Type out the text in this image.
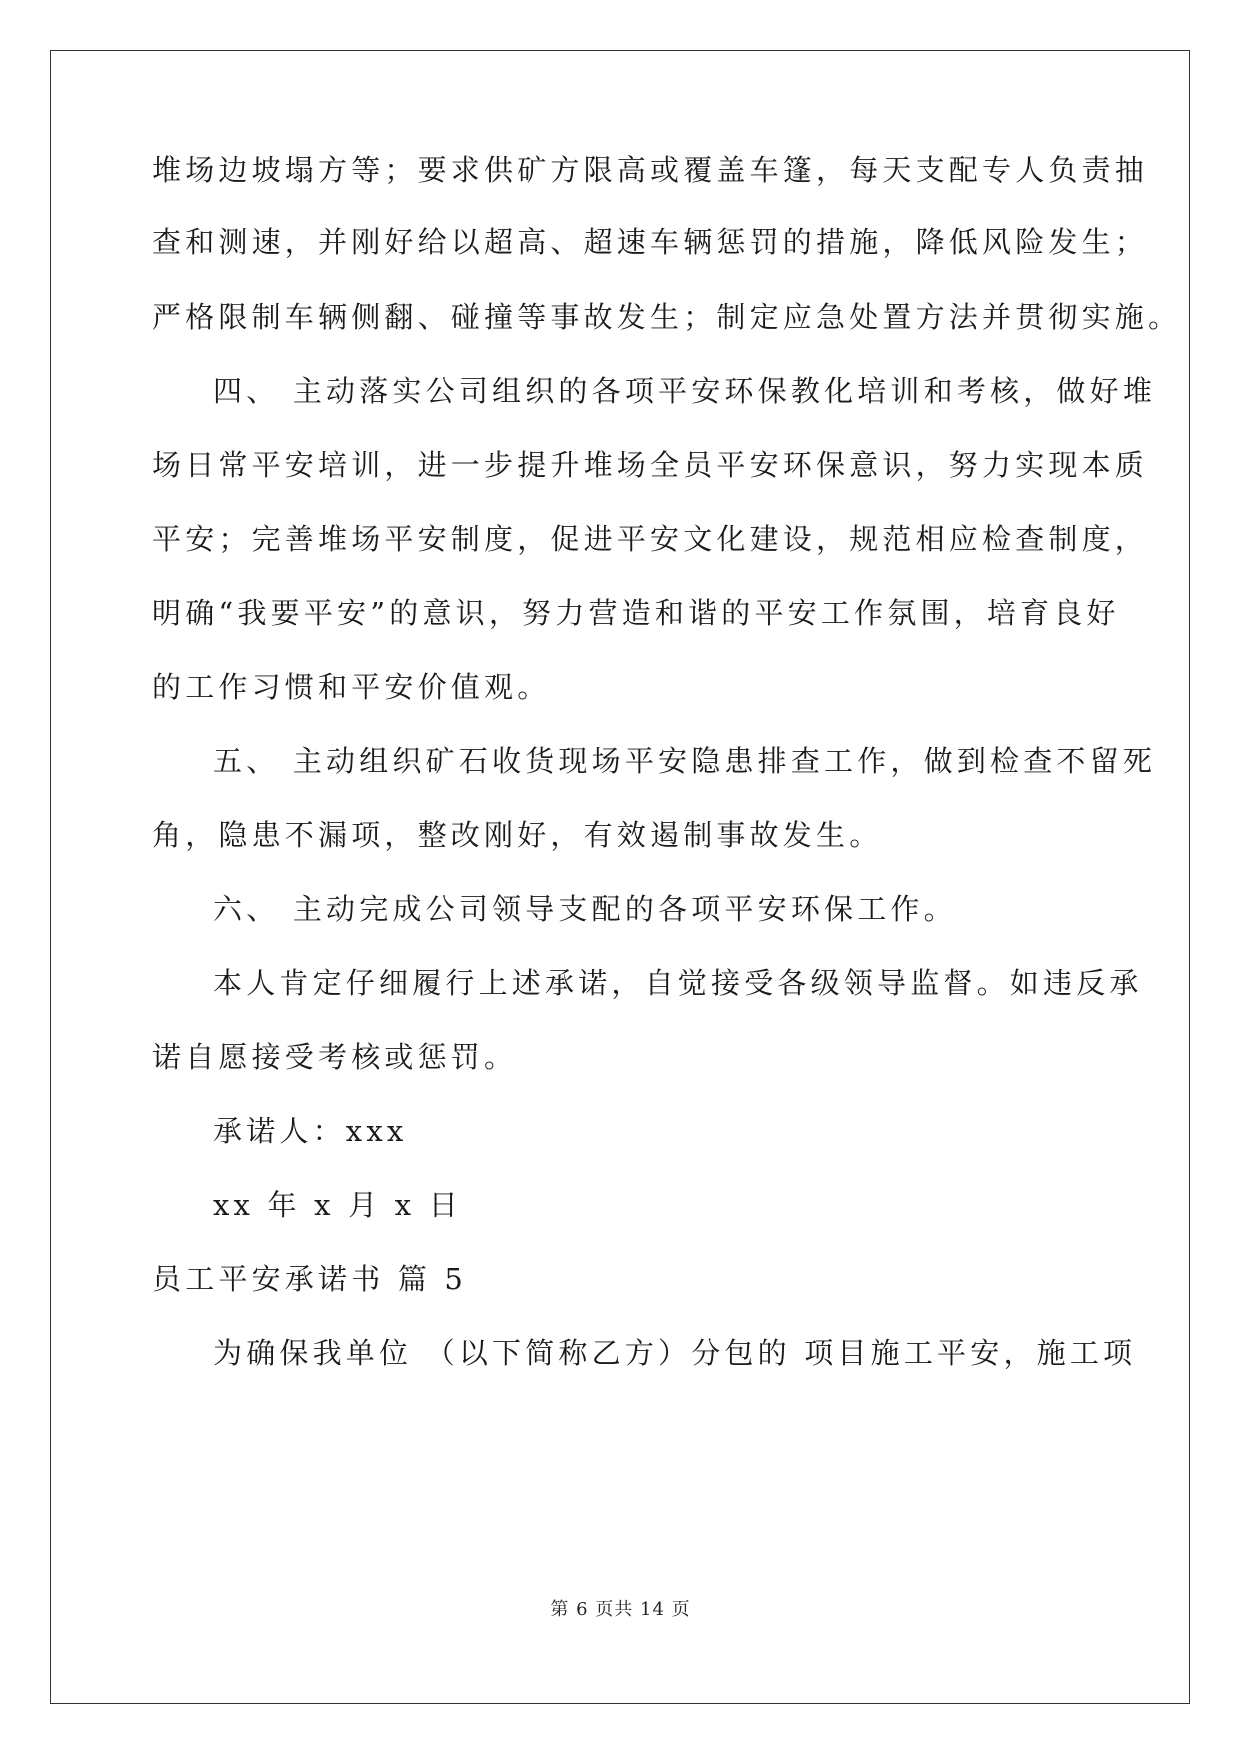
堆场边坡塌方等；要求供矿方限高或覆盖车篷，每天支配专人负责抽
查和测速，并刚好给以超高、超速车辆惩罚的措施，降低风险发生；
严格限制车辆侧翻、碰撞等事故发生；制定应急处置方法并贯彻实施。
四、 主动落实公司组织的各项平安环保教化培训和考核，做好堆
场日常平安培训，进一步提升堆场全员平安环保意识，努力实现本质
平安；完善堆场平安制度，促进平安文化建设，规范相应检查制度，
明确“我要平安”的意识，努力营造和谐的平安工作氛围，培育良好
的工作习惯和平安价值观。
五、 主动组织矿石收货现场平安隐患排查工作，做到检查不留死
角，隐患不漏项，整改刚好，有效遏制事故发生。
六、 主动完成公司领导支配的各项平安环保工作。
本人肯定仔细履行上述承诺，自觉接受各级领导监督。如违反承
诺自愿接受考核或惩罚。
承诺人：xxx
xx 年 x 月 x 日
员工平安承诺书 篇 5
为确保我单位 （以下简称乙方）分包的 项目施工平安，施工项
第 6 页共 14 页
